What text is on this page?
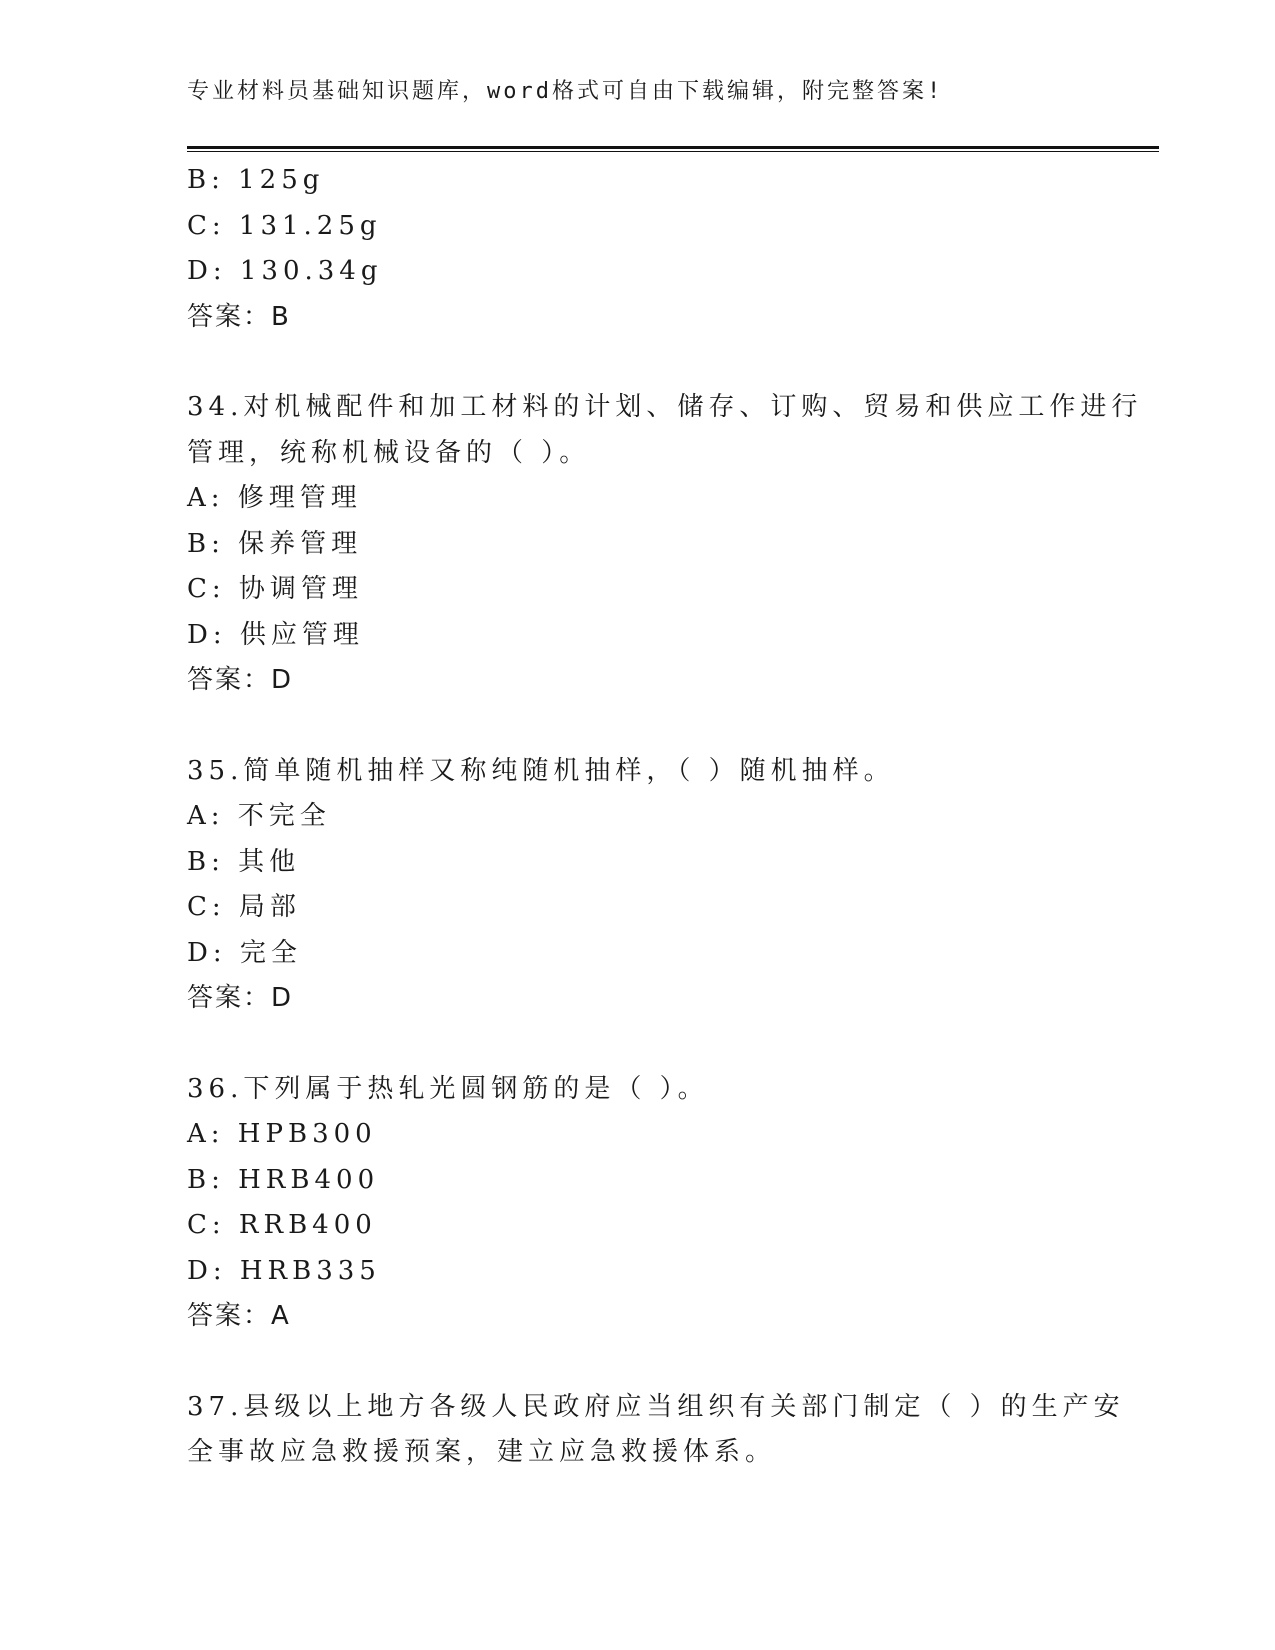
专业材料员基础知识题库，word格式可自由下载编辑，附完整答案!
B: 125g
C: 131.25g
D: 130.34g
答案：B
34.对机械配件和加工材料的计划、储存、订购、贸易和供应工作进行
管理，统称机械设备的（ ）。
A: 修理管理
B: 保养管理
C: 协调管理
D: 供应管理
答案：D
35.简单随机抽样又称纯随机抽样，（ ）随机抽样。
A: 不完全
B: 其他
C: 局部
D: 完全
答案：D
36.下列属于热轧光圆钢筋的是（ ）。
A: HPB300
B: HRB400
C: RRB400
D: HRB335
答案：A
37.县级以上地方各级人民政府应当组织有关部门制定（ ）的生产安
全事故应急救援预案，建立应急救援体系。
